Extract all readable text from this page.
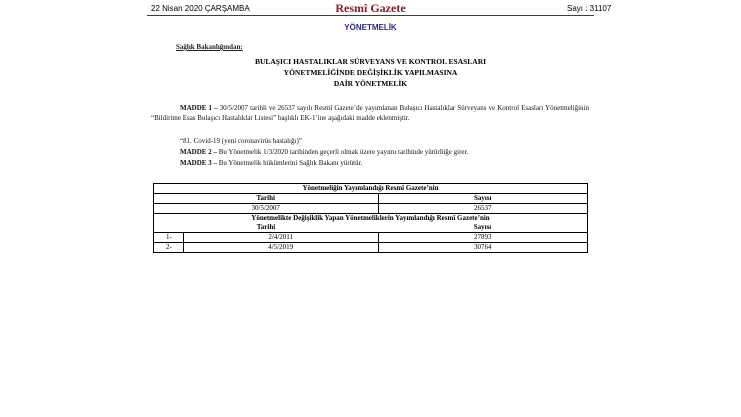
22 Nisan 2020 ÇARŞAMBA	Resmî Gazete	Sayı : 31107
YÖNETMELİK
Sağlık Bakanlığından:
BULAŞICI HASTALIKLAR SÜRVEYANS VE KONTROL ESASLARI
YÖNETMELİĞİNDE DEĞİŞİKLİK YAPILMASINA
DAİR YÖNETMELİK
MADDE 1 – 30/5/2007 tarihli ve 26537 sayılı Resmî Gazete’de yayımlanan Bulaşıcı Hastalıklar Sürveyans ve Kontrol Esasları Yönetmeliğinin “Bildirime Esas Bulaşıcı Hastalıklar Listesi” başlıklı EK-1’ine aşağıdaki madde eklenmiştir.
“81. Covid-19 (yeni coronavirüs hastalığı)”
MADDE 2 – Bu Yönetmelik 1/3/2020 tarihinden geçerli olmak üzere yayımı tarihinde yürürlüğe girer.
MADDE 3 – Bu Yönetmelik hükümlerini Sağlık Bakanı yürütür.
Yönetmeliğin Yayımlandığı Resmî Gazete’nin		
Tarihi		Sayısı
30/5/2007		26537
Yönetmelikte Değişiklik Yapan Yönetmeliklerin Yayımlandığı Resmî Gazete’nin		
Tarihi		Sayısı
1-	2/4/2011	27893
2-	4/5/2019	30764
